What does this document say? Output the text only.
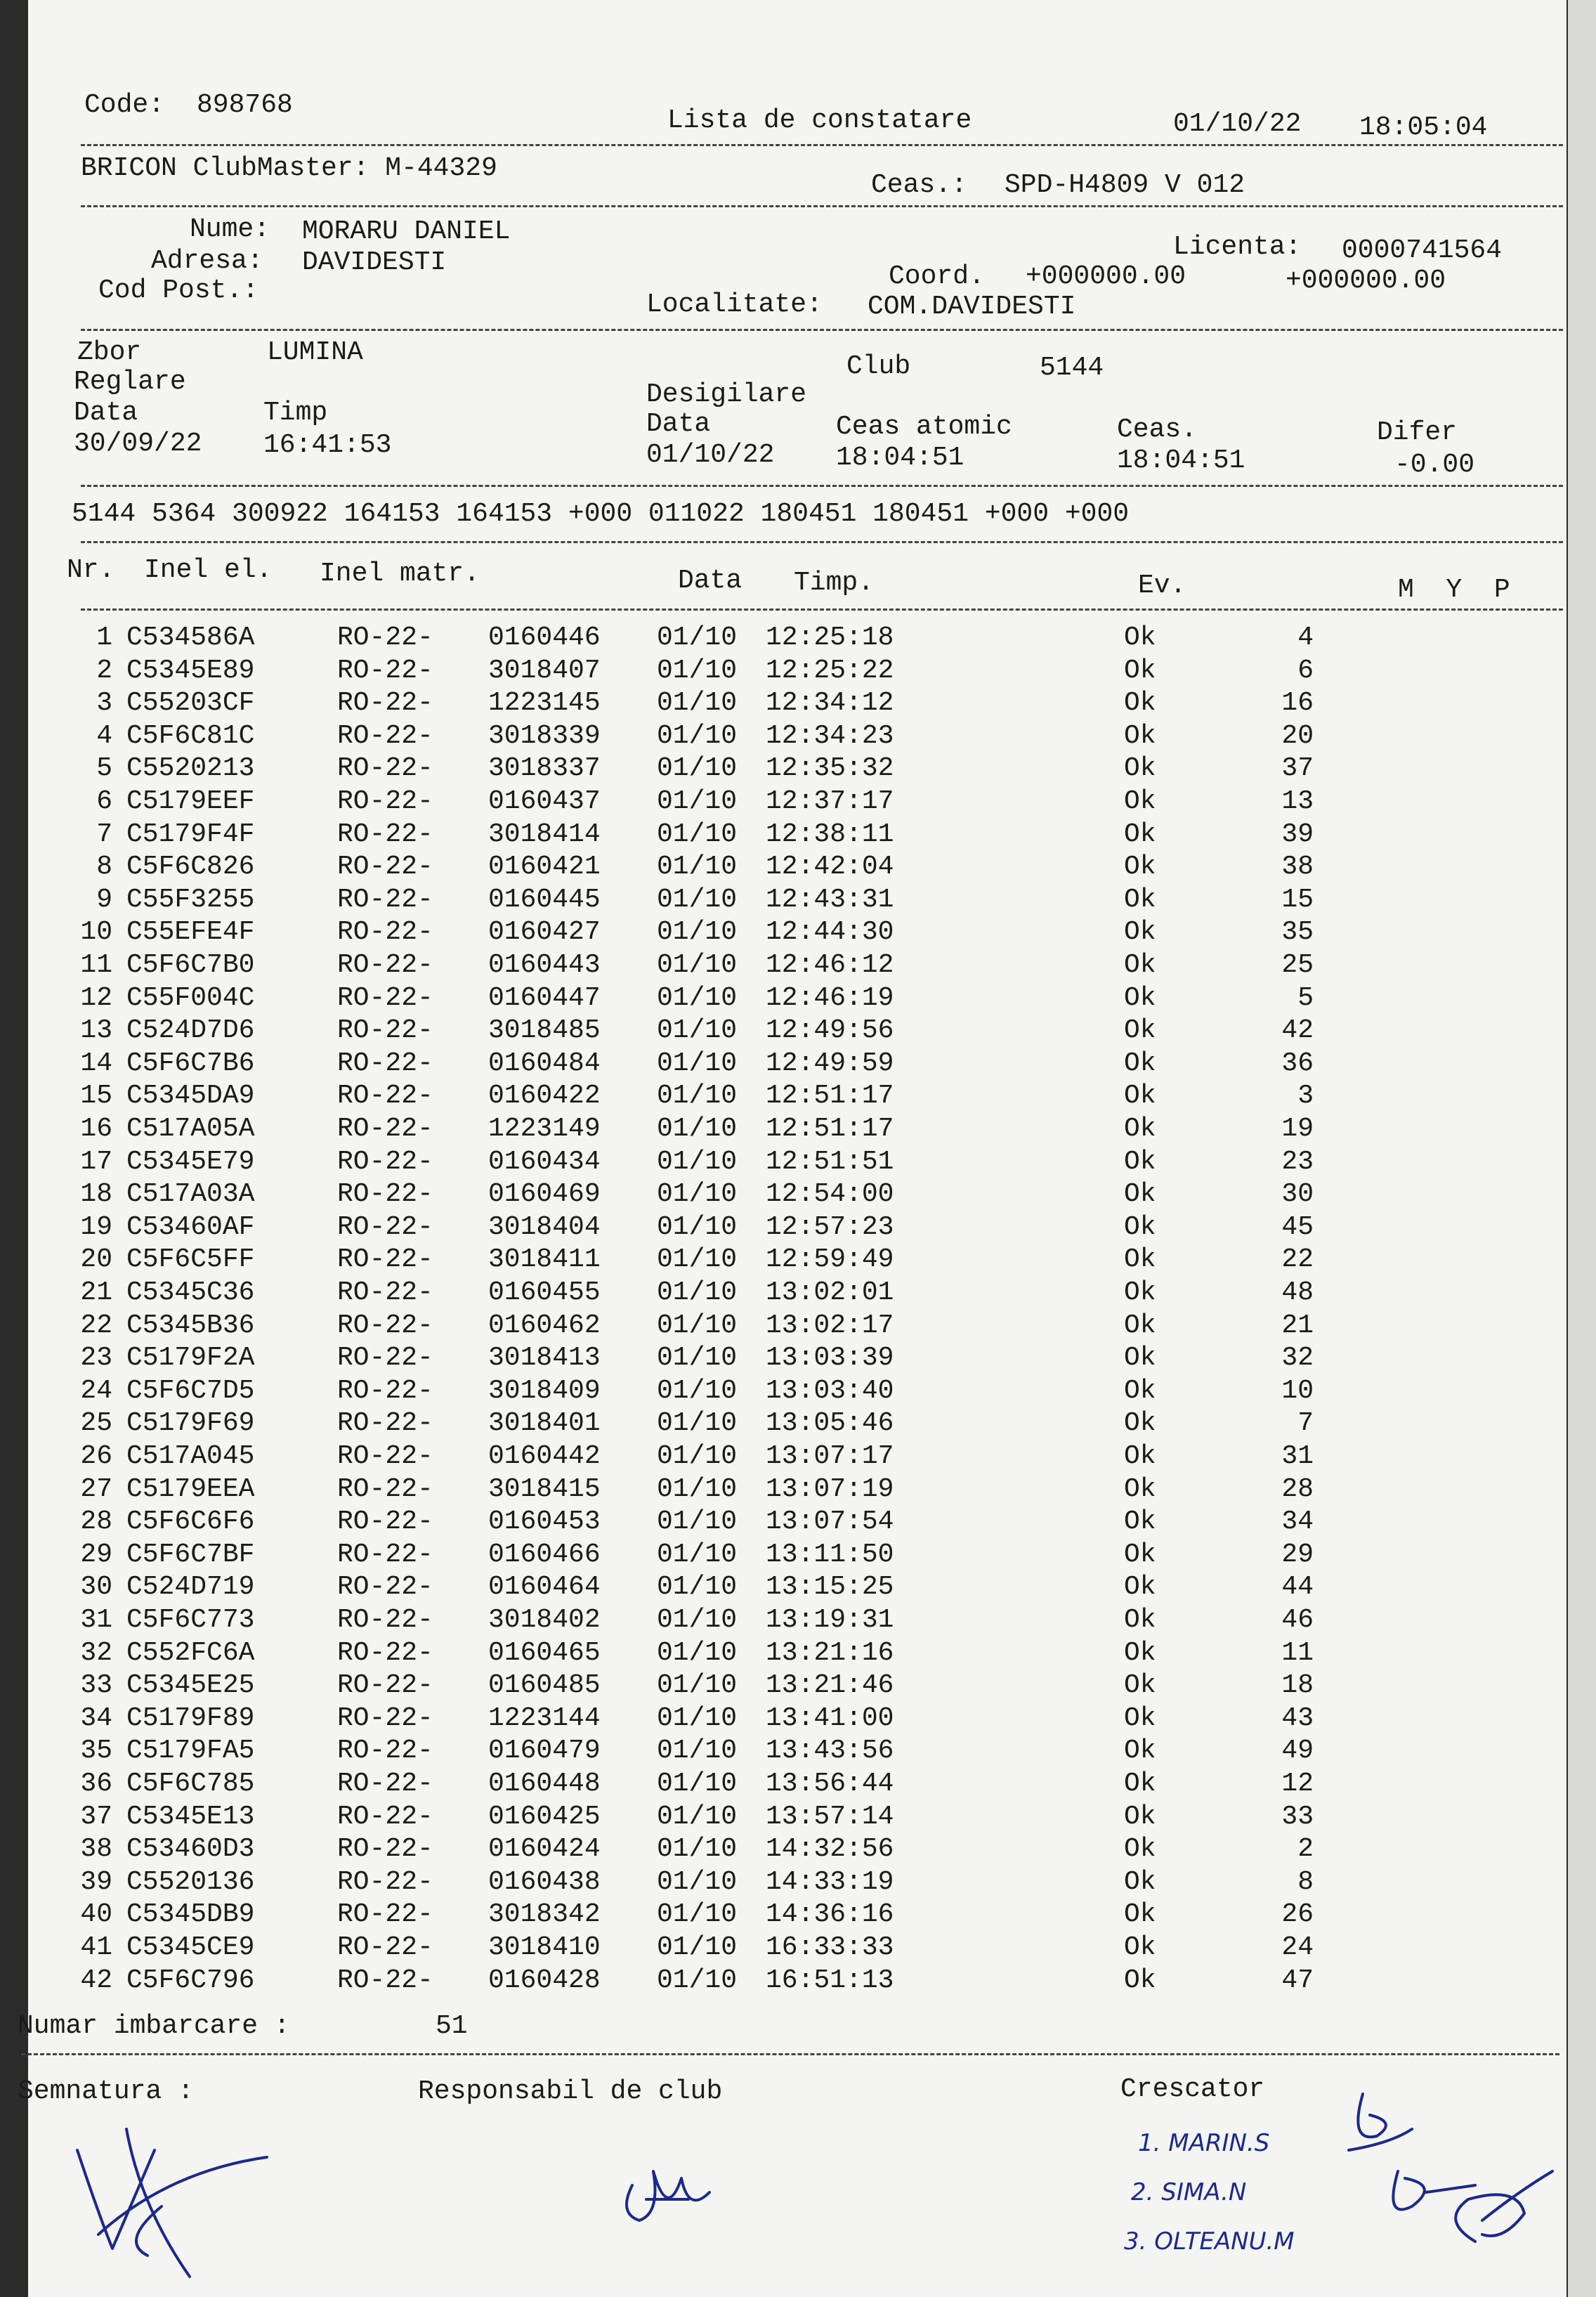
Code: 898768
Lista de constatare	01/10/22 18:05:04
BRICON ClubMaster: M-44329
Ceas.: SPD-H4809 V 012
Nume: MORARU DANIEL
Adresa: DAVIDESTI
Cod Post.:
Licenta: 0000741564
Coord. +000000.00	+000000.00
Localitate: COM.DAVIDESTI
Zbor	LUMINA	Club	5144
Reglare	Desigilare
Data	Timp
30/09/22 16:41:53
Data
01/10/22
Ceas atomic
18:04:51
Ceas.
18:04:51
Difer
-0.00
5144 5364 300922 164153 164153 +000 011022 180451 180451 +000 +000
Nr. Inel el. Inel matr.	Data Timp.	Ev.	M  Y  P
1 C534586A	RO-22- 0160446 01/10 12:25:18	Ok	4
2 C5345E89	RO-22- 3018407 01/10 12:25:22	Ok	6
3 C55203CF	RO-22- 1223145 01/10 12:34:12	Ok	16
4 C5F6C81C	RO-22- 3018339 01/10 12:34:23	Ok	20
5 C5520213	RO-22- 3018337 01/10 12:35:32	Ok	37
6 C5179EEF	RO-22- 0160437 01/10 12:37:17	Ok	13
7 C5179F4F	RO-22- 3018414 01/10 12:38:11	Ok	39
8 C5F6C826	RO-22- 0160421 01/10 12:42:04	Ok	38
9 C55F3255	RO-22- 0160445 01/10 12:43:31	Ok	15
10 C55EFE4F	RO-22- 0160427 01/10 12:44:30	Ok	35
11 C5F6C7B0	RO-22- 0160443 01/10 12:46:12	Ok	25
12 C55F004C	RO-22- 0160447 01/10 12:46:19	Ok	5
13 C524D7D6	RO-22- 3018485 01/10 12:49:56	Ok	42
14 C5F6C7B6	RO-22- 0160484 01/10 12:49:59	Ok	36
15 C5345DA9	RO-22- 0160422 01/10 12:51:17	Ok	3
16 C517A05A	RO-22- 1223149 01/10 12:51:17	Ok	19
17 C5345E79	RO-22- 0160434 01/10 12:51:51	Ok	23
18 C517A03A	RO-22- 0160469 01/10 12:54:00	Ok	30
19 C53460AF	RO-22- 3018404 01/10 12:57:23	Ok	45
20 C5F6C5FF	RO-22- 3018411 01/10 12:59:49	Ok	22
21 C5345C36	RO-22- 0160455 01/10 13:02:01	Ok	48
22 C5345B36	RO-22- 0160462 01/10 13:02:17	Ok	21
23 C5179F2A	RO-22- 3018413 01/10 13:03:39	Ok	32
24 C5F6C7D5	RO-22- 3018409 01/10 13:03:40	Ok	10
25 C5179F69	RO-22- 3018401 01/10 13:05:46	Ok	7
26 C517A045	RO-22- 0160442 01/10 13:07:17	Ok	31
27 C5179EEA	RO-22- 3018415 01/10 13:07:19	Ok	28
28 C5F6C6F6	RO-22- 0160453 01/10 13:07:54	Ok	34
29 C5F6C7BF	RO-22- 0160466 01/10 13:11:50	Ok	29
30 C524D719	RO-22- 0160464 01/10 13:15:25	Ok	44
31 C5F6C773	RO-22- 3018402 01/10 13:19:31	Ok	46
32 C552FC6A	RO-22- 0160465 01/10 13:21:16	Ok	11
33 C5345E25	RO-22- 0160485 01/10 13:21:46	Ok	18
34 C5179F89	RO-22- 1223144 01/10 13:41:00	Ok	43
35 C5179FA5	RO-22- 0160479 01/10 13:43:56	Ok	49
36 C5F6C785	RO-22- 0160448 01/10 13:56:44	Ok	12
37 C5345E13	RO-22- 0160425 01/10 13:57:14	Ok	33
38 C53460D3	RO-22- 0160424 01/10 14:32:56	Ok	2
39 C5520136	RO-22- 0160438 01/10 14:33:19	Ok	8
40 C5345DB9	RO-22- 3018342 01/10 14:36:16	Ok	26
41 C5345CE9	RO-22- 3018410 01/10 16:33:33	Ok	24
42 C5F6C796	RO-22- 0160428 01/10 16:51:13	Ok	47
Numar imbarcare :	51
Semnatura :	Responsabil de club	Crescator
1. MARIN.S
2. SIMA.N
3. OLTEANU.M
